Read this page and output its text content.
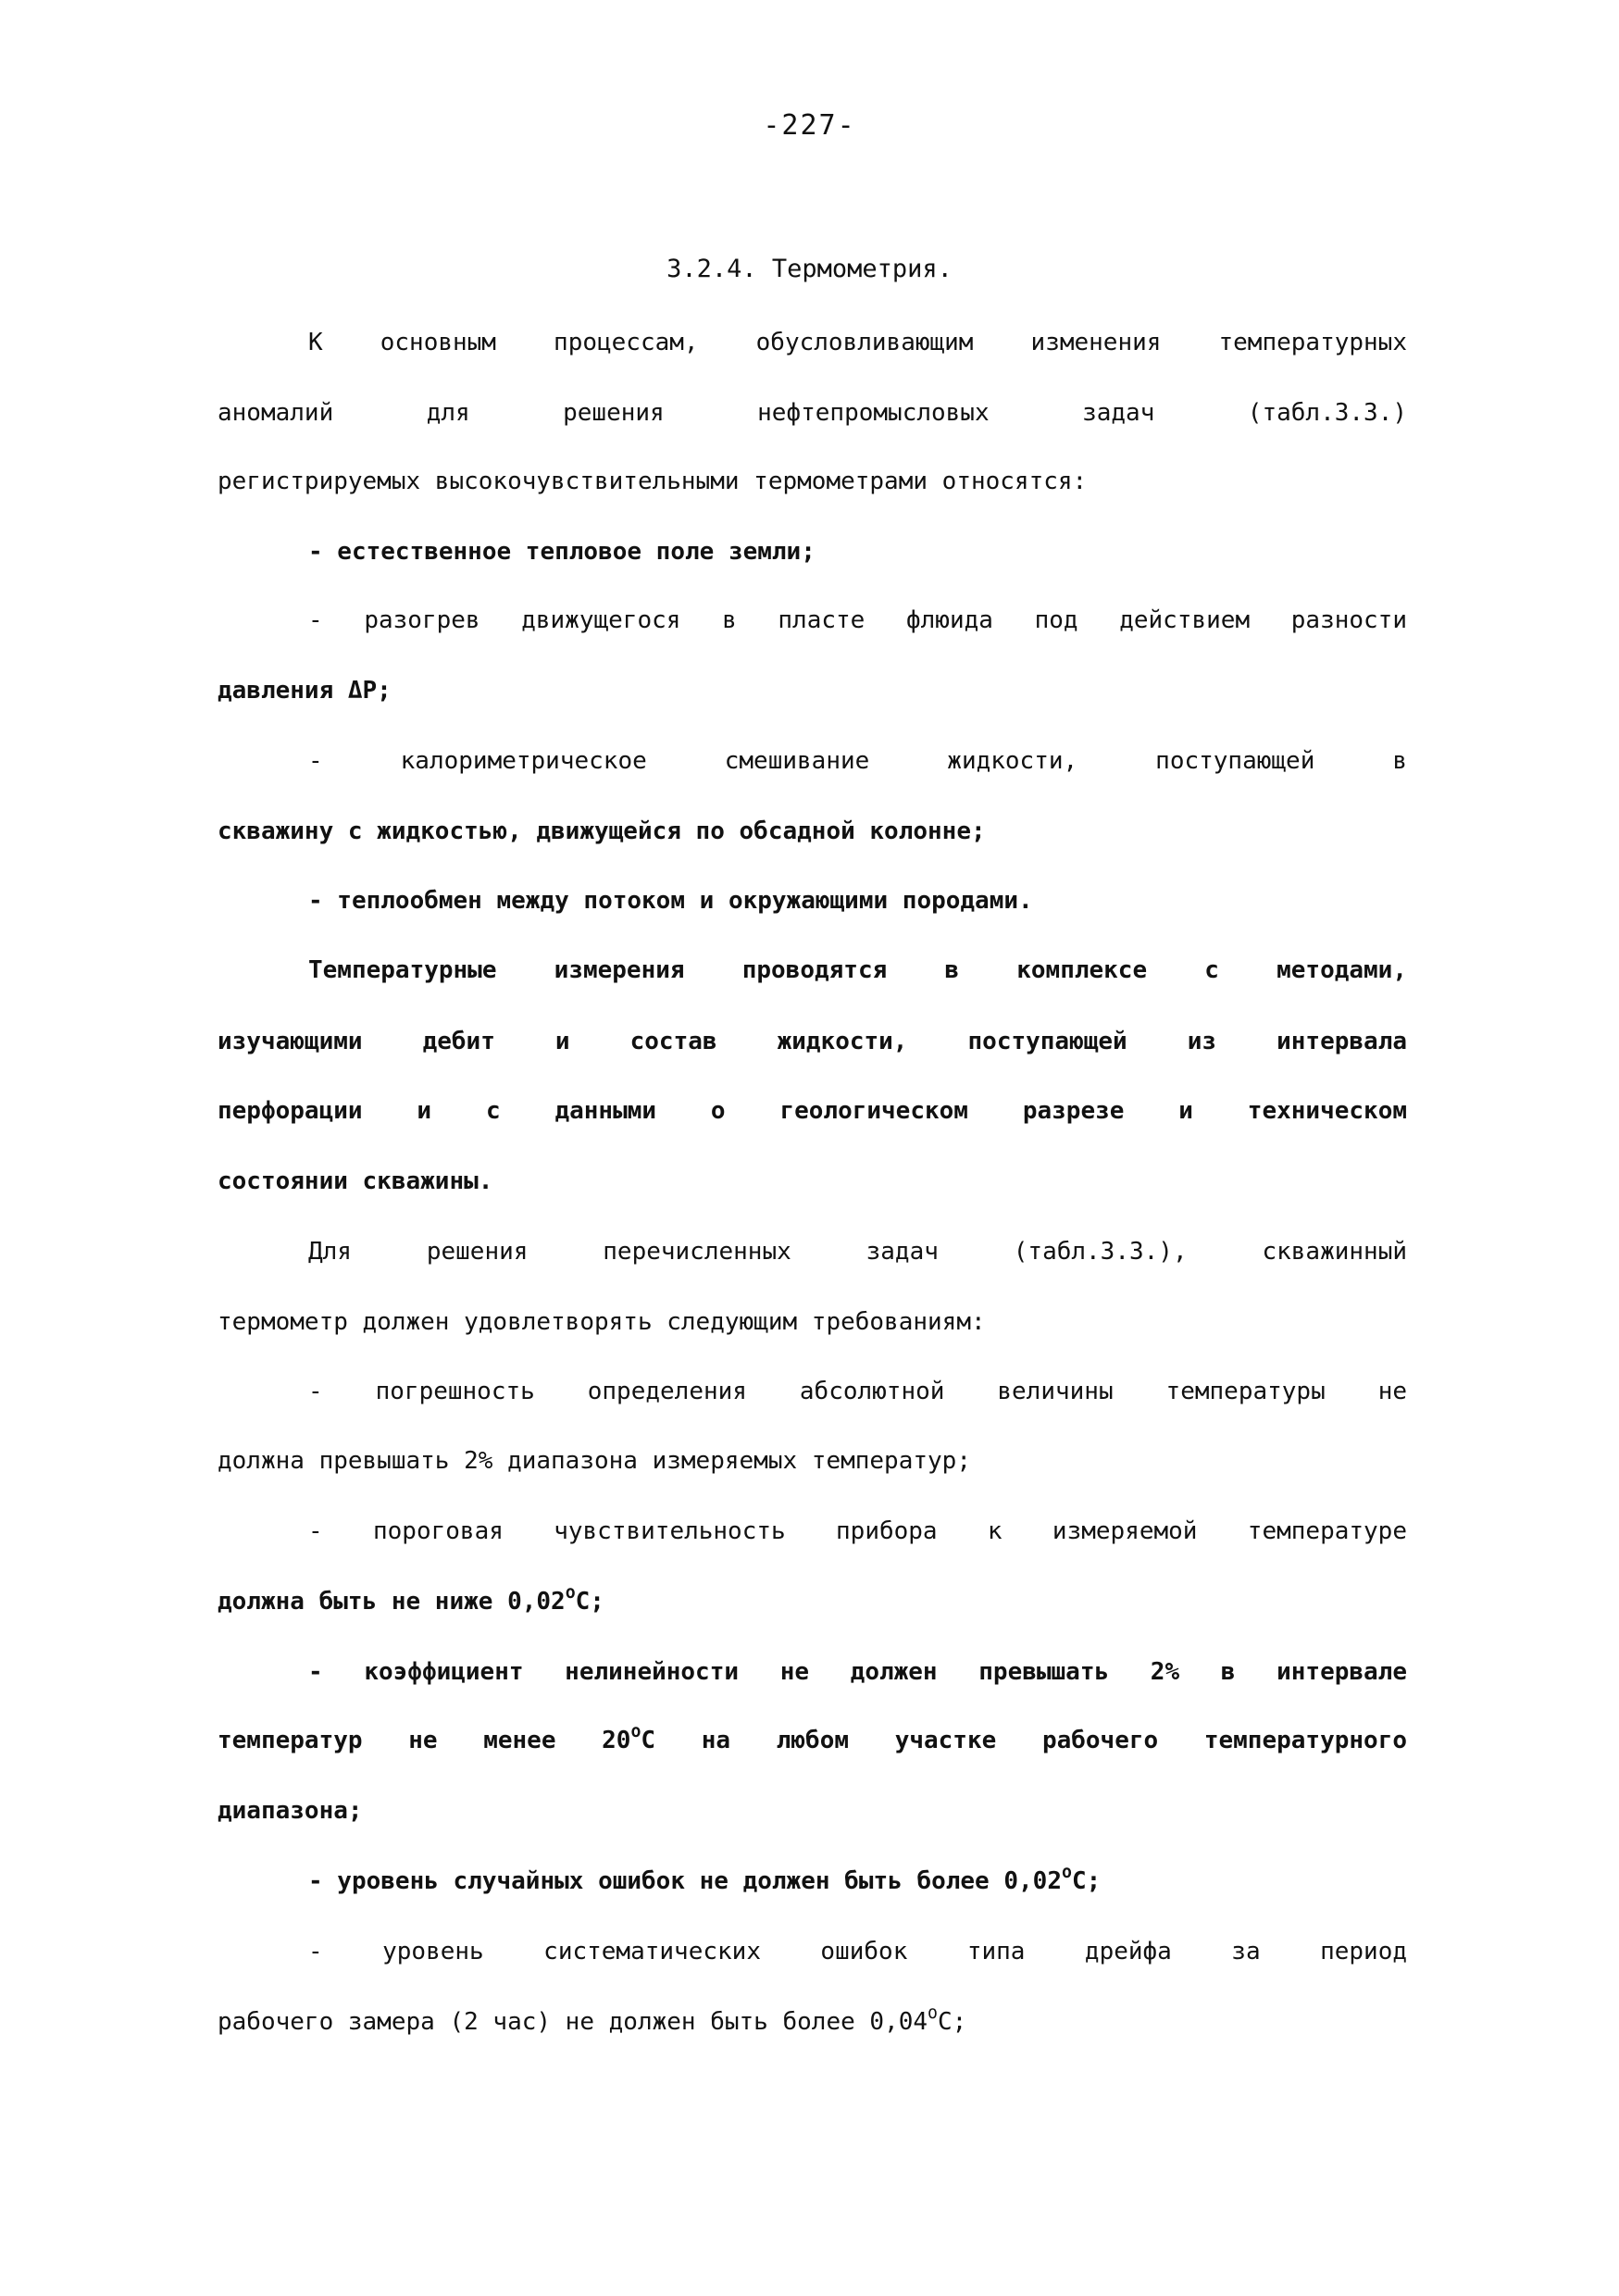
-227-
3.2.4. Термометрия.
К основным процессам, обусловливающим изменения температурных
аномалий для решения нефтепромысловых задач (табл.3.3.)
регистрируемых высокочувствительными термометрами относятся:
- естественное тепловое поле земли;
- разогрев движущегося в пласте флюида под действием разности
давления ΔР;
- калориметрическое смешивание жидкости, поступающей в
скважину с жидкостью, движущейся по обсадной колонне;
- теплообмен между потоком и окружающими породами.
Температурные измерения проводятся в комплексе с методами,
изучающими дебит и состав жидкости, поступающей из интервала
перфорации и с данными о геологическом разрезе и техническом
состоянии скважины.
Для решения перечисленных задач (табл.3.3.), скважинный
термометр должен удовлетворять следующим требованиям:
- погрешность определения абсолютной величины температуры не
должна превышать 2% диапазона измеряемых температур;
- пороговая чувствительность прибора к измеряемой температуре
должна быть не ниже 0,02$^o$С;
- коэффициент нелинейности не должен превышать 2% в интервале
температур не менее 20$^o$С на любом участке рабочего температурного
диапазона;
- уровень случайных ошибок не должен быть более 0,02$^o$С;
- уровень систематических ошибок типа дрейфа за период
рабочего замера (2 час) не должен быть более 0,04$^o$С;
